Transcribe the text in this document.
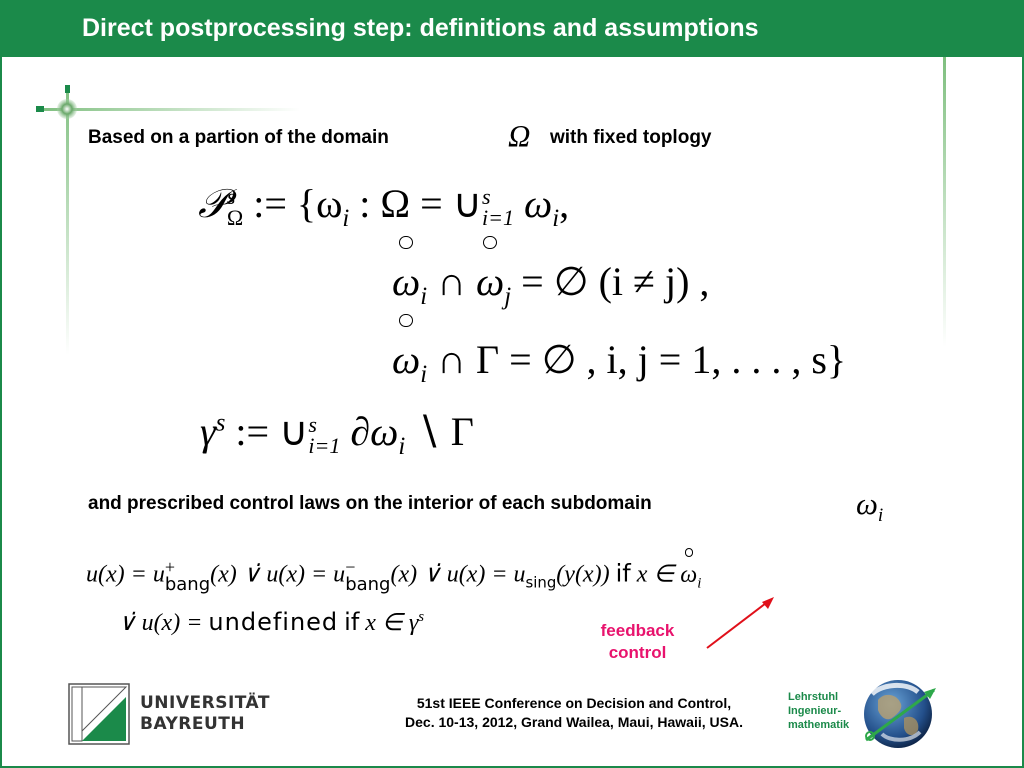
Direct postprocessing step: definitions and assumptions
Based on a partion of the domain	Ω with fixed toplogy
𝒫 s
Ω := {$\omega_i$ : Ω = ∪ s
i=1 $\omega_i$,
$\omega_i$ ∩ $\omega_j$ = ∅ (i ≠ j) ,
$\omega_i$ ∩ Γ = ∅ , i, j = 1, . . . , s}
$\gamma^s$ := ∪ s
i=1 $\partial\omega_i$ ∖ Γ
and prescribed control laws on the interior of each subdomain	$\omega_i$
u(x) = u +
bang (x) ∨̇ u(x) = u −
bang (x) ∨̇ $u(x) = u_{sing}(y(x))$ if x ∈ $\omega_i$
∨̇ u(x) = undefined if x ∈ $\gamma^s$
feedback
control
UNIVERSITÄT
BAYREUTH
51st IEEE Conference on Decision and Control,
Dec. 10-13, 2012, Grand Wailea, Maui, Hawaii, USA.
Lehrstuhl
Ingenieur-
mathematik
